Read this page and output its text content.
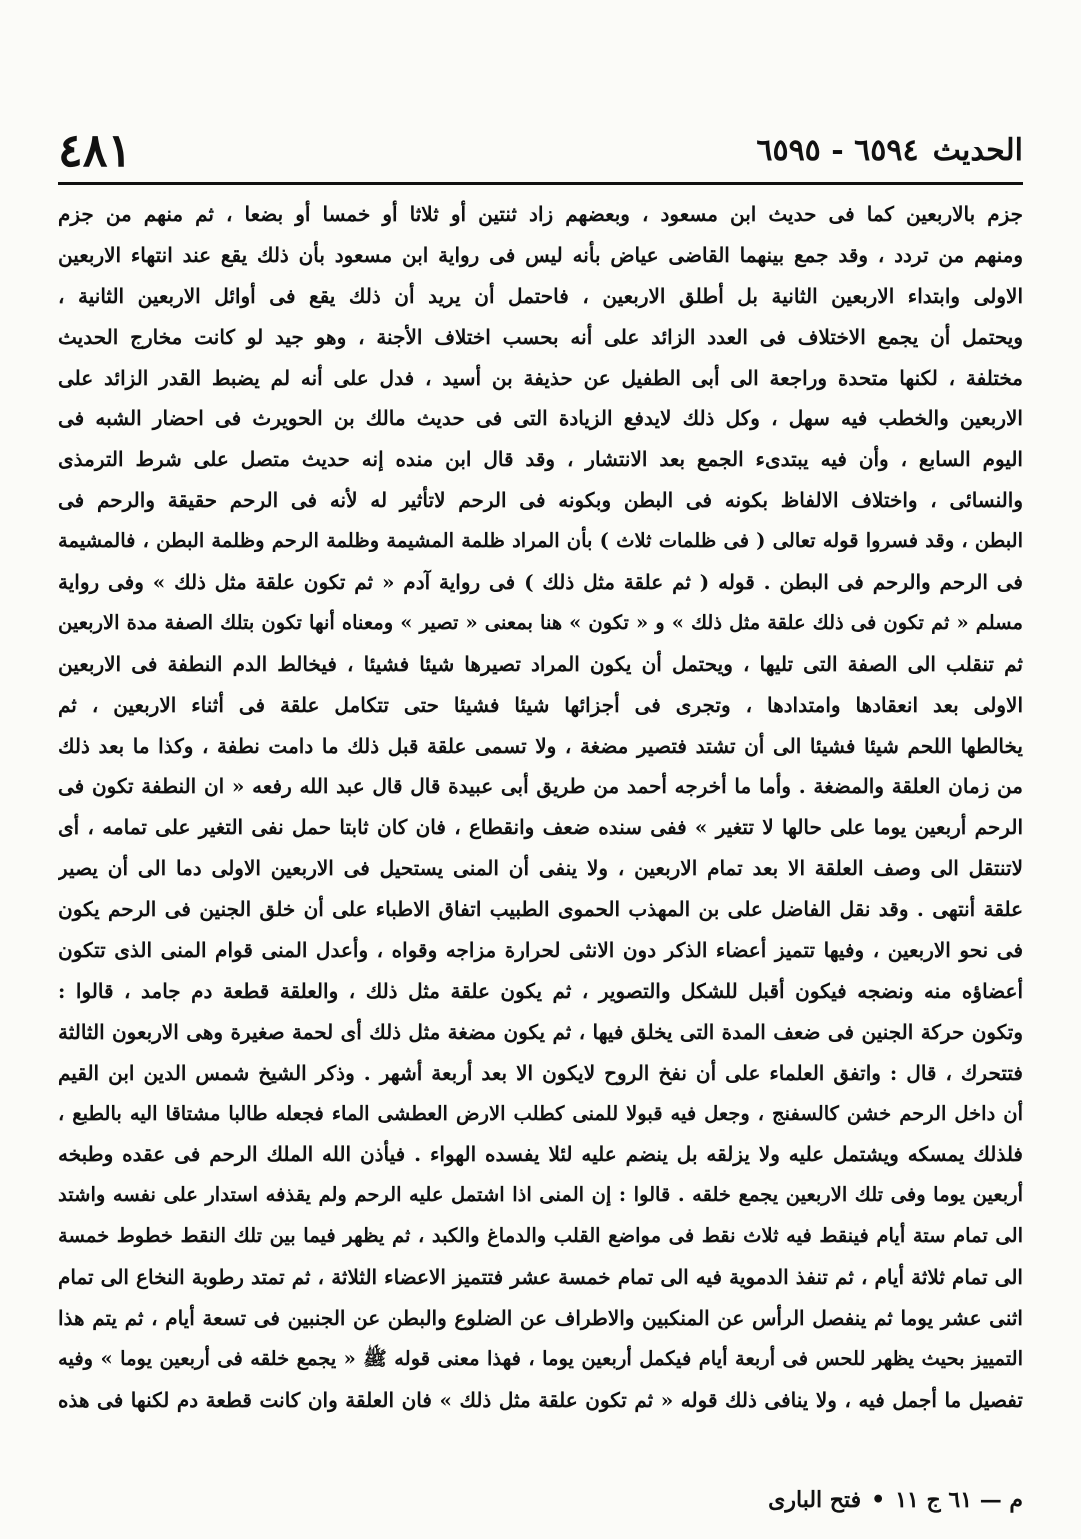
الحديث
٦٥٩٤ - ٦٥٩٥
٤٨١
جزم بالاربعين كما فى حديث ابن مسعود ، وبعضهم زاد ثنتين أو ثلاثا أو خمسا أو بضعا ، ثم منهم من جزم
ومنهم من تردد ، وقد جمع بينهما القاضى عياض بأنه ليس فى رواية ابن مسعود بأن ذلك يقع عند انتهاء الاربعين
الاولى وابتداء الاربعين الثانية بل أطلق الاربعين ، فاحتمل أن يريد أن ذلك يقع فى أوائل الاربعين الثانية ،
ويحتمل أن يجمع الاختلاف فى العدد الزائد على أنه بحسب اختلاف الأجنة ، وهو جيد لو كانت مخارج الحديث
مختلفة ، لكنها متحدة وراجعة الى أبى الطفيل عن حذيفة بن أسيد ، فدل على أنه لم يضبط القدر الزائد على
الاربعين والخطب فيه سهل ، وكل ذلك لايدفع الزيادة التى فى حديث مالك بن الحويرث فى احضار الشبه فى
اليوم السابع ، وأن فيه يبتدىء الجمع بعد الانتشار ، وقد قال ابن منده إنه حديث متصل على شرط الترمذى
والنسائى ، واختلاف الالفاظ بكونه فى البطن وبكونه فى الرحم لاتأثير له لأنه فى الرحم حقيقة والرحم فى
البطن ، وقد فسروا قوله تعالى ( فى ظلمات ثلاث ) بأن المراد ظلمة المشيمة وظلمة الرحم وظلمة البطن ، فالمشيمة
فى الرحم والرحم فى البطن . قوله ( ثم علقة مثل ذلك ) فى رواية آدم « ثم تكون علقة مثل ذلك » وفى رواية
مسلم « ثم تكون فى ذلك علقة مثل ذلك » و « تكون » هنا بمعنى « تصير » ومعناه أنها تكون بتلك الصفة مدة الاربعين
ثم تنقلب الى الصفة التى تليها ، ويحتمل أن يكون المراد تصيرها شيئا فشيئا ، فيخالط الدم النطفة فى الاربعين
الاولى بعد انعقادها وامتدادها ، وتجرى فى أجزائها شيئا فشيئا حتى تتكامل علقة فى أثناء الاربعين ، ثم
يخالطها اللحم شيئا فشيئا الى أن تشتد فتصير مضغة ، ولا تسمى علقة قبل ذلك ما دامت نطفة ، وكذا ما بعد ذلك
من زمان العلقة والمضغة . وأما ما أخرجه أحمد من طريق أبى عبيدة قال قال عبد الله رفعه « ان النطفة تكون فى
الرحم أربعين يوما على حالها لا تتغير » ففى سنده ضعف وانقطاع ، فان كان ثابتا حمل نفى التغير على تمامه ، أى
لاتنتقل الى وصف العلقة الا بعد تمام الاربعين ، ولا ينفى أن المنى يستحيل فى الاربعين الاولى دما الى أن يصير
علقة أنتهى . وقد نقل الفاضل على بن المهذب الحموى الطبيب اتفاق الاطباء على أن خلق الجنين فى الرحم يكون
فى نحو الاربعين ، وفيها تتميز أعضاء الذكر دون الانثى لحرارة مزاجه وقواه ، وأعدل المنى قوام المنى الذى تتكون
أعضاؤه منه ونضجه فيكون أقبل للشكل والتصوير ، ثم يكون علقة مثل ذلك ، والعلقة قطعة دم جامد ، قالوا :
وتكون حركة الجنين فى ضعف المدة التى يخلق فيها ، ثم يكون مضغة مثل ذلك أى لحمة صغيرة وهى الاربعون الثالثة
فتتحرك ، قال : واتفق العلماء على أن نفخ الروح لايكون الا بعد أربعة أشهر . وذكر الشيخ شمس الدين ابن القيم
أن داخل الرحم خشن كالسفنج ، وجعل فيه قبولا للمنى كطلب الارض العطشى الماء فجعله طالبا مشتاقا اليه بالطبع ،
فلذلك يمسكه ويشتمل عليه ولا يزلقه بل ينضم عليه لئلا يفسده الهواء . فيأذن الله الملك الرحم فى عقده وطبخه
أربعين يوما وفى تلك الاربعين يجمع خلقه . قالوا : إن المنى اذا اشتمل عليه الرحم ولم يقذفه استدار على نفسه واشتد
الى تمام ستة أيام فينقط فيه ثلاث نقط فى مواضع القلب والدماغ والكبد ، ثم يظهر فيما بين تلك النقط خطوط خمسة
الى تمام ثلاثة أيام ، ثم تنفذ الدموية فيه الى تمام خمسة عشر فتتميز الاعضاء الثلاثة ، ثم تمتد رطوبة النخاع الى تمام
اثنى عشر يوما ثم ينفصل الرأس عن المنكبين والاطراف عن الضلوع والبطن عن الجنبين فى تسعة أيام ، ثم يتم هذا
التمييز بحيث يظهر للحس فى أربعة أيام فيكمل أربعين يوما ، فهذا معنى قوله ﷺ « يجمع خلقه فى أربعين يوما » وفيه
تفصيل ما أجمل فيه ، ولا ينافى ذلك قوله « ثم تكون علقة مثل ذلك » فان العلقة وان كانت قطعة دم لكنها فى هذه
م — ٦١ ج ١١
•
فتح البارى
